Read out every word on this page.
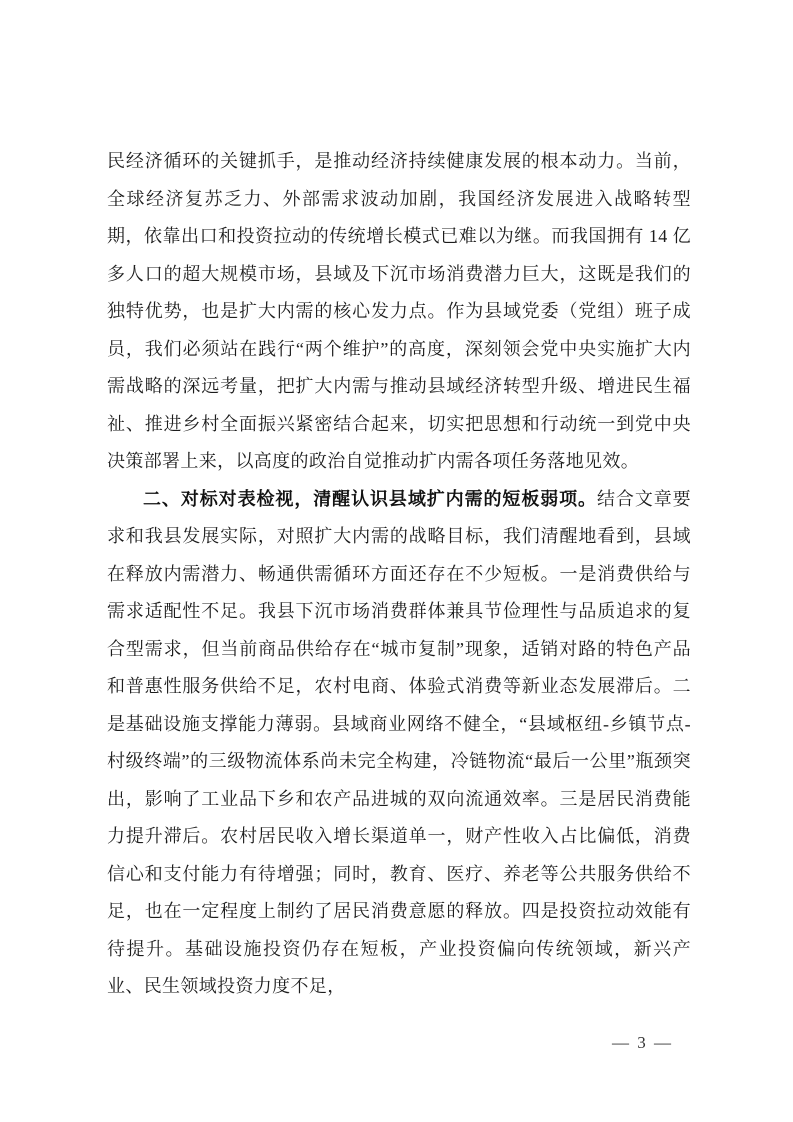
民经济循环的关键抓手，是推动经济持续健康发展的根本动力。当前，全球经济复苏乏力、外部需求波动加剧，我国经济发展进入战略转型期，依靠出口和投资拉动的传统增长模式已难以为继。而我国拥有 14 亿多人口的超大规模市场，县域及下沉市场消费潜力巨大，这既是我们的独特优势，也是扩大内需的核心发力点。作为县域党委（党组）班子成员，我们必须站在践行“两个维护”的高度，深刻领会党中央实施扩大内需战略的深远考量，把扩大内需与推动县域经济转型升级、增进民生福祉、推进乡村全面振兴紧密结合起来，切实把思想和行动统一到党中央决策部署上来，以高度的政治自觉推动扩内需各项任务落地见效。

二、对标对表检视，清醒认识县域扩内需的短板弱项。结合文章要求和我县发展实际，对照扩大内需的战略目标，我们清醒地看到，县域在释放内需潜力、畅通供需循环方面还存在不少短板。一是消费供给与需求适配性不足。我县下沉市场消费群体兼具节俭理性与品质追求的复合型需求，但当前商品供给存在“城市复制”现象，适销对路的特色产品和普惠性服务供给不足，农村电商、体验式消费等新业态发展滞后。二是基础设施支撑能力薄弱。县域商业网络不健全，“县域枢纽-乡镇节点-村级终端”的三级物流体系尚未完全构建，冷链物流“最后一公里”瓶颈突出，影响了工业品下乡和农产品进城的双向流通效率。三是居民消费能力提升滞后。农村居民收入增长渠道单一，财产性收入占比偏低，消费信心和支付能力有待增强；同时，教育、医疗、养老等公共服务供给不足，也在一定程度上制约了居民消费意愿的释放。四是投资拉动效能有待提升。基础设施投资仍存在短板，产业投资偏向传统领域，新兴产业、民生领域投资力度不足，

— 3 —
